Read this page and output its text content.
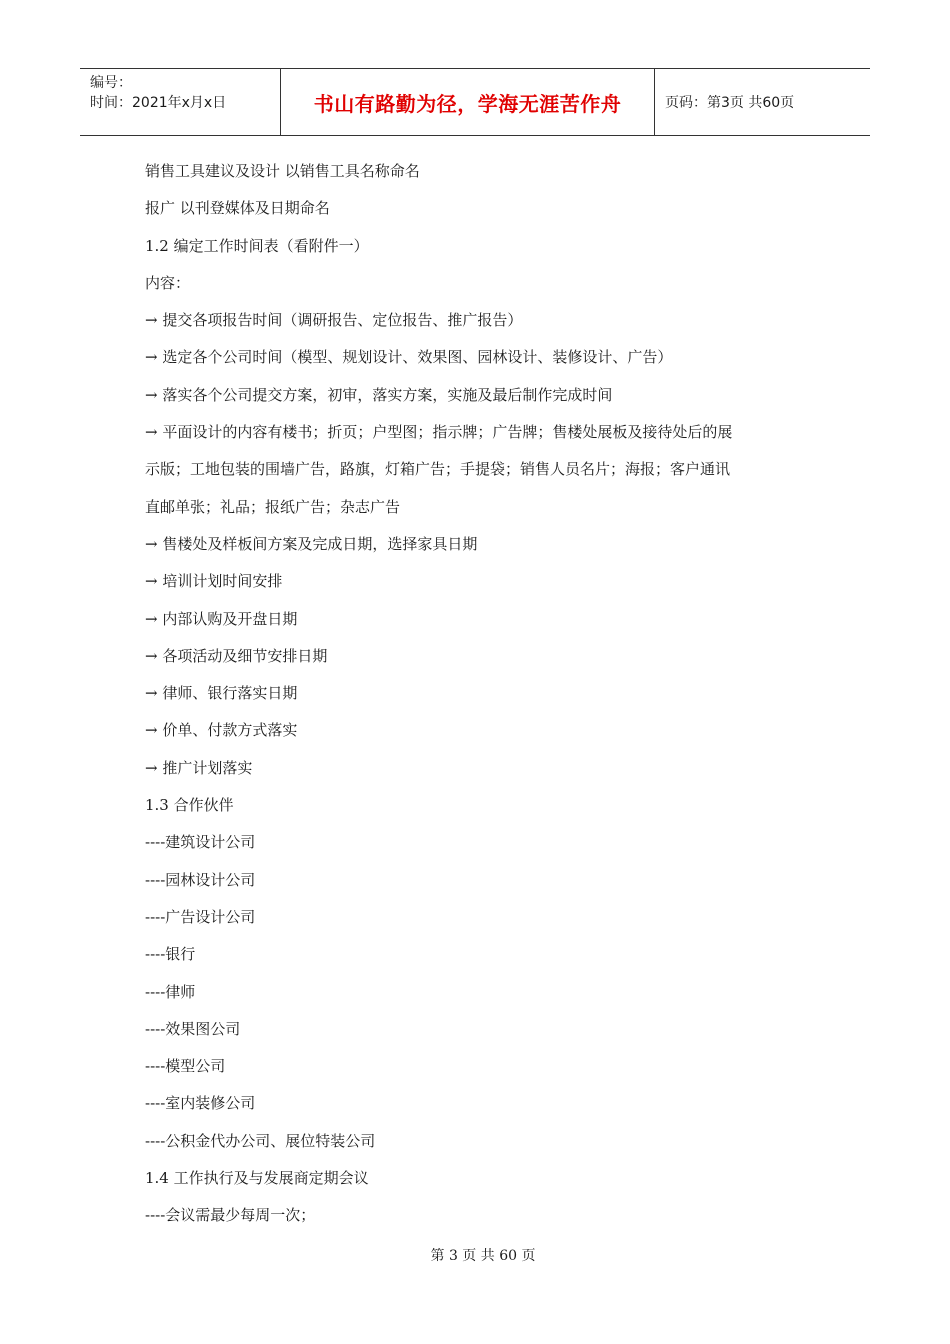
编号：
时间：2021年x月x日	书山有路勤为径，学海无涯苦作舟	页码：第3页 共60页
销售工具建议及设计 以销售工具名称命名
报广 以刊登媒体及日期命名
1.2 编定工作时间表（看附件一）
内容：
→ 提交各项报告时间（调研报告、定位报告、推广报告）
→ 选定各个公司时间（模型、规划设计、效果图、园林设计、装修设计、广告）
→ 落实各个公司提交方案，初审，落实方案，实施及最后制作完成时间
→ 平面设计的内容有楼书；折页；户型图；指示牌；广告牌；售楼处展板及接待处后的展
示版；工地包装的围墙广告，路旗，灯箱广告；手提袋；销售人员名片；海报；客户通讯
直邮单张；礼品；报纸广告；杂志广告
→ 售楼处及样板间方案及完成日期，选择家具日期
→ 培训计划时间安排
→ 内部认购及开盘日期
→ 各项活动及细节安排日期
→ 律师、银行落实日期
→ 价单、付款方式落实
→ 推广计划落实
1.3 合作伙伴
----建筑设计公司
----园林设计公司
----广告设计公司
----银行
----律师
----效果图公司
----模型公司
----室内装修公司
----公积金代办公司、展位特装公司
1.4 工作执行及与发展商定期会议
----会议需最少每周一次；
第 3 页 共 60 页
